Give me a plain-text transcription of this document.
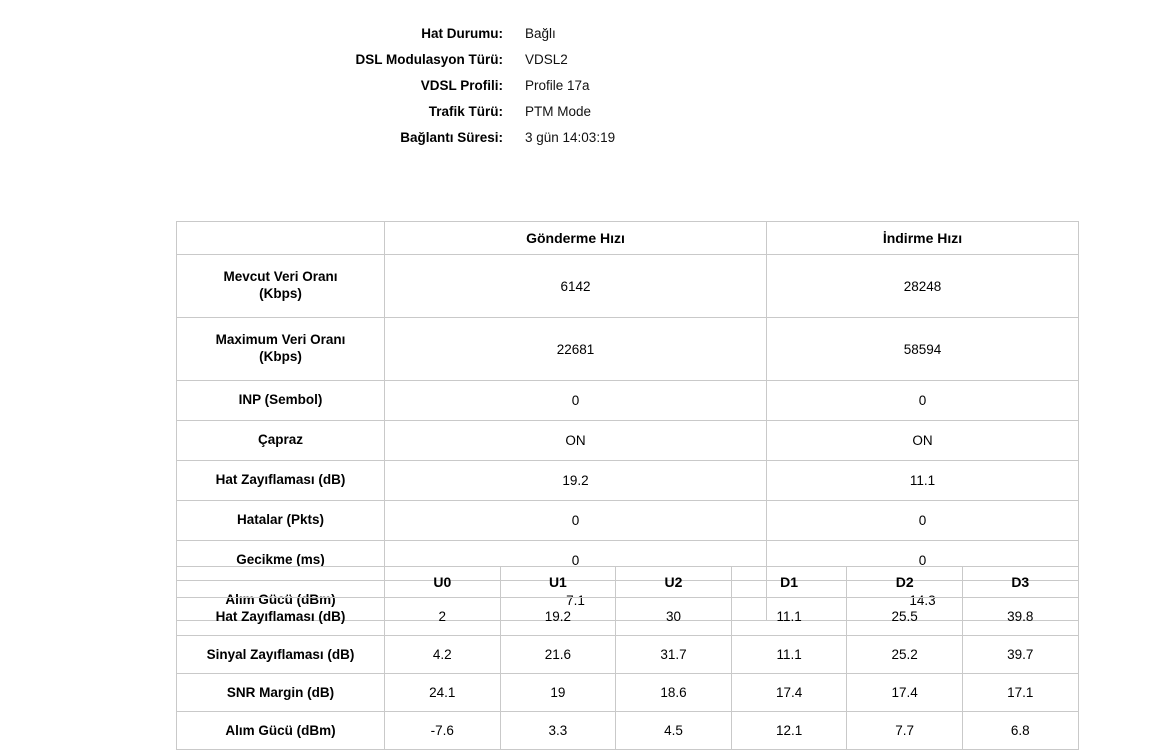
Hat Durumu: Bağlı
DSL Modulasyon Türü: VDSL2
VDSL Profili: Profile 17a
Trafik Türü: PTM Mode
Bağlantı Süresi: 3 gün 14:03:19
	Gönderme Hızı	İndirme Hızı

Mevcut Veri Oranı
(Kbps)	6142	28248

Maximum Veri Oranı
(Kbps)	22681	58594
INP (Sembol)	0	0
Çapraz	ON	ON
Hat Zayıflaması (dB)	19.2	11.1
Hatalar (Pkts)	0	0
Gecikme (ms)	0	0
Alım Gücü (dBm)	7.1	14.3
	U0	U1	U2	D1	D2	D3
Hat Zayıflaması (dB)	2	19.2	30	11.1	25.5	39.8
Sinyal Zayıflaması (dB)	4.2	21.6	31.7	11.1	25.2	39.7
SNR Margin (dB)	24.1	19	18.6	17.4	17.4	17.1
Alım Gücü (dBm)	-7.6	3.3	4.5	12.1	7.7	6.8
